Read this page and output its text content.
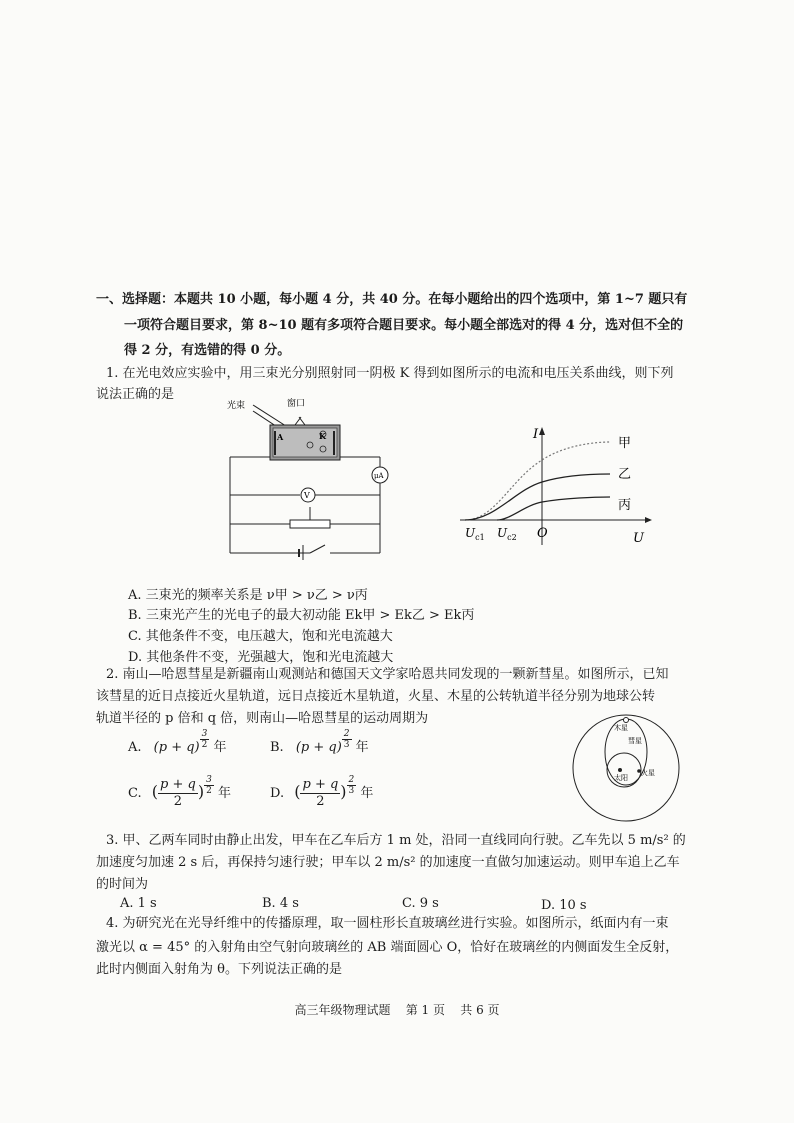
一、选择题：本题共 10 小题，每小题 4 分，共 40 分。在每小题给出的四个选项中，第 1~7 题只有
一项符合题目要求，第 8~10 题有多项符合题目要求。每小题全部选对的得 4 分，选对但不全的
得 2 分，有选错的得 0 分。
1. 在光电效应实验中，用三束光分别照射同一阴极 K 得到如图所示的电流和电压关系曲线，则下列
说法正确的是
光束	窗口
A	K
μA
V
I
U
O
$U_{c1}$ $U_{c2}$
甲
乙
丙
A. 三束光的频率关系是 ν甲 > ν乙 > ν丙
B. 三束光产生的光电子的最大初动能 Ek甲 > Ek乙 > Ek丙
C. 其他条件不变，电压越大，饱和光电流越大
D. 其他条件不变，光强越大，饱和光电流越大
2. 南山—哈恩彗星是新疆南山观测站和德国天文学家哈恩共同发现的一颗新彗星。如图所示，已知
该彗星的近日点接近火星轨道，远日点接近木星轨道，火星、木星的公转轨道半径分别为地球公转
轨道半径的 p 倍和 q 倍，则南山—哈恩彗星的运动周期为
A. $(p + q) \frac{3}{2}$ 年	B. $(p + q) \frac{2}{3}$ 年
C. ( $\frac{p + q}{2}$ ) $\frac{3}{2}$ 年	D. ( $\frac{p + q}{2}$ ) $\frac{2}{3}$ 年
木星
彗星
太阳
火星
3. 甲、乙两车同时由静止出发，甲车在乙车后方 1 m 处，沿同一直线同向行驶。乙车先以 5 m/s² 的
加速度匀加速 2 s 后，再保持匀速行驶；甲车以 2 m/s² 的加速度一直做匀加速运动。则甲车追上乙车
的时间为
A. 1 s	B. 4 s	C. 9 s	D. 10 s
4. 为研究光在光导纤维中的传播原理，取一圆柱形长直玻璃丝进行实验。如图所示，纸面内有一束
激光以 α = 45° 的入射角由空气射向玻璃丝的 AB 端面圆心 O，恰好在玻璃丝的内侧面发生全反射，
此时内侧面入射角为 θ。下列说法正确的是
高三年级物理试题    第 1 页    共 6 页
